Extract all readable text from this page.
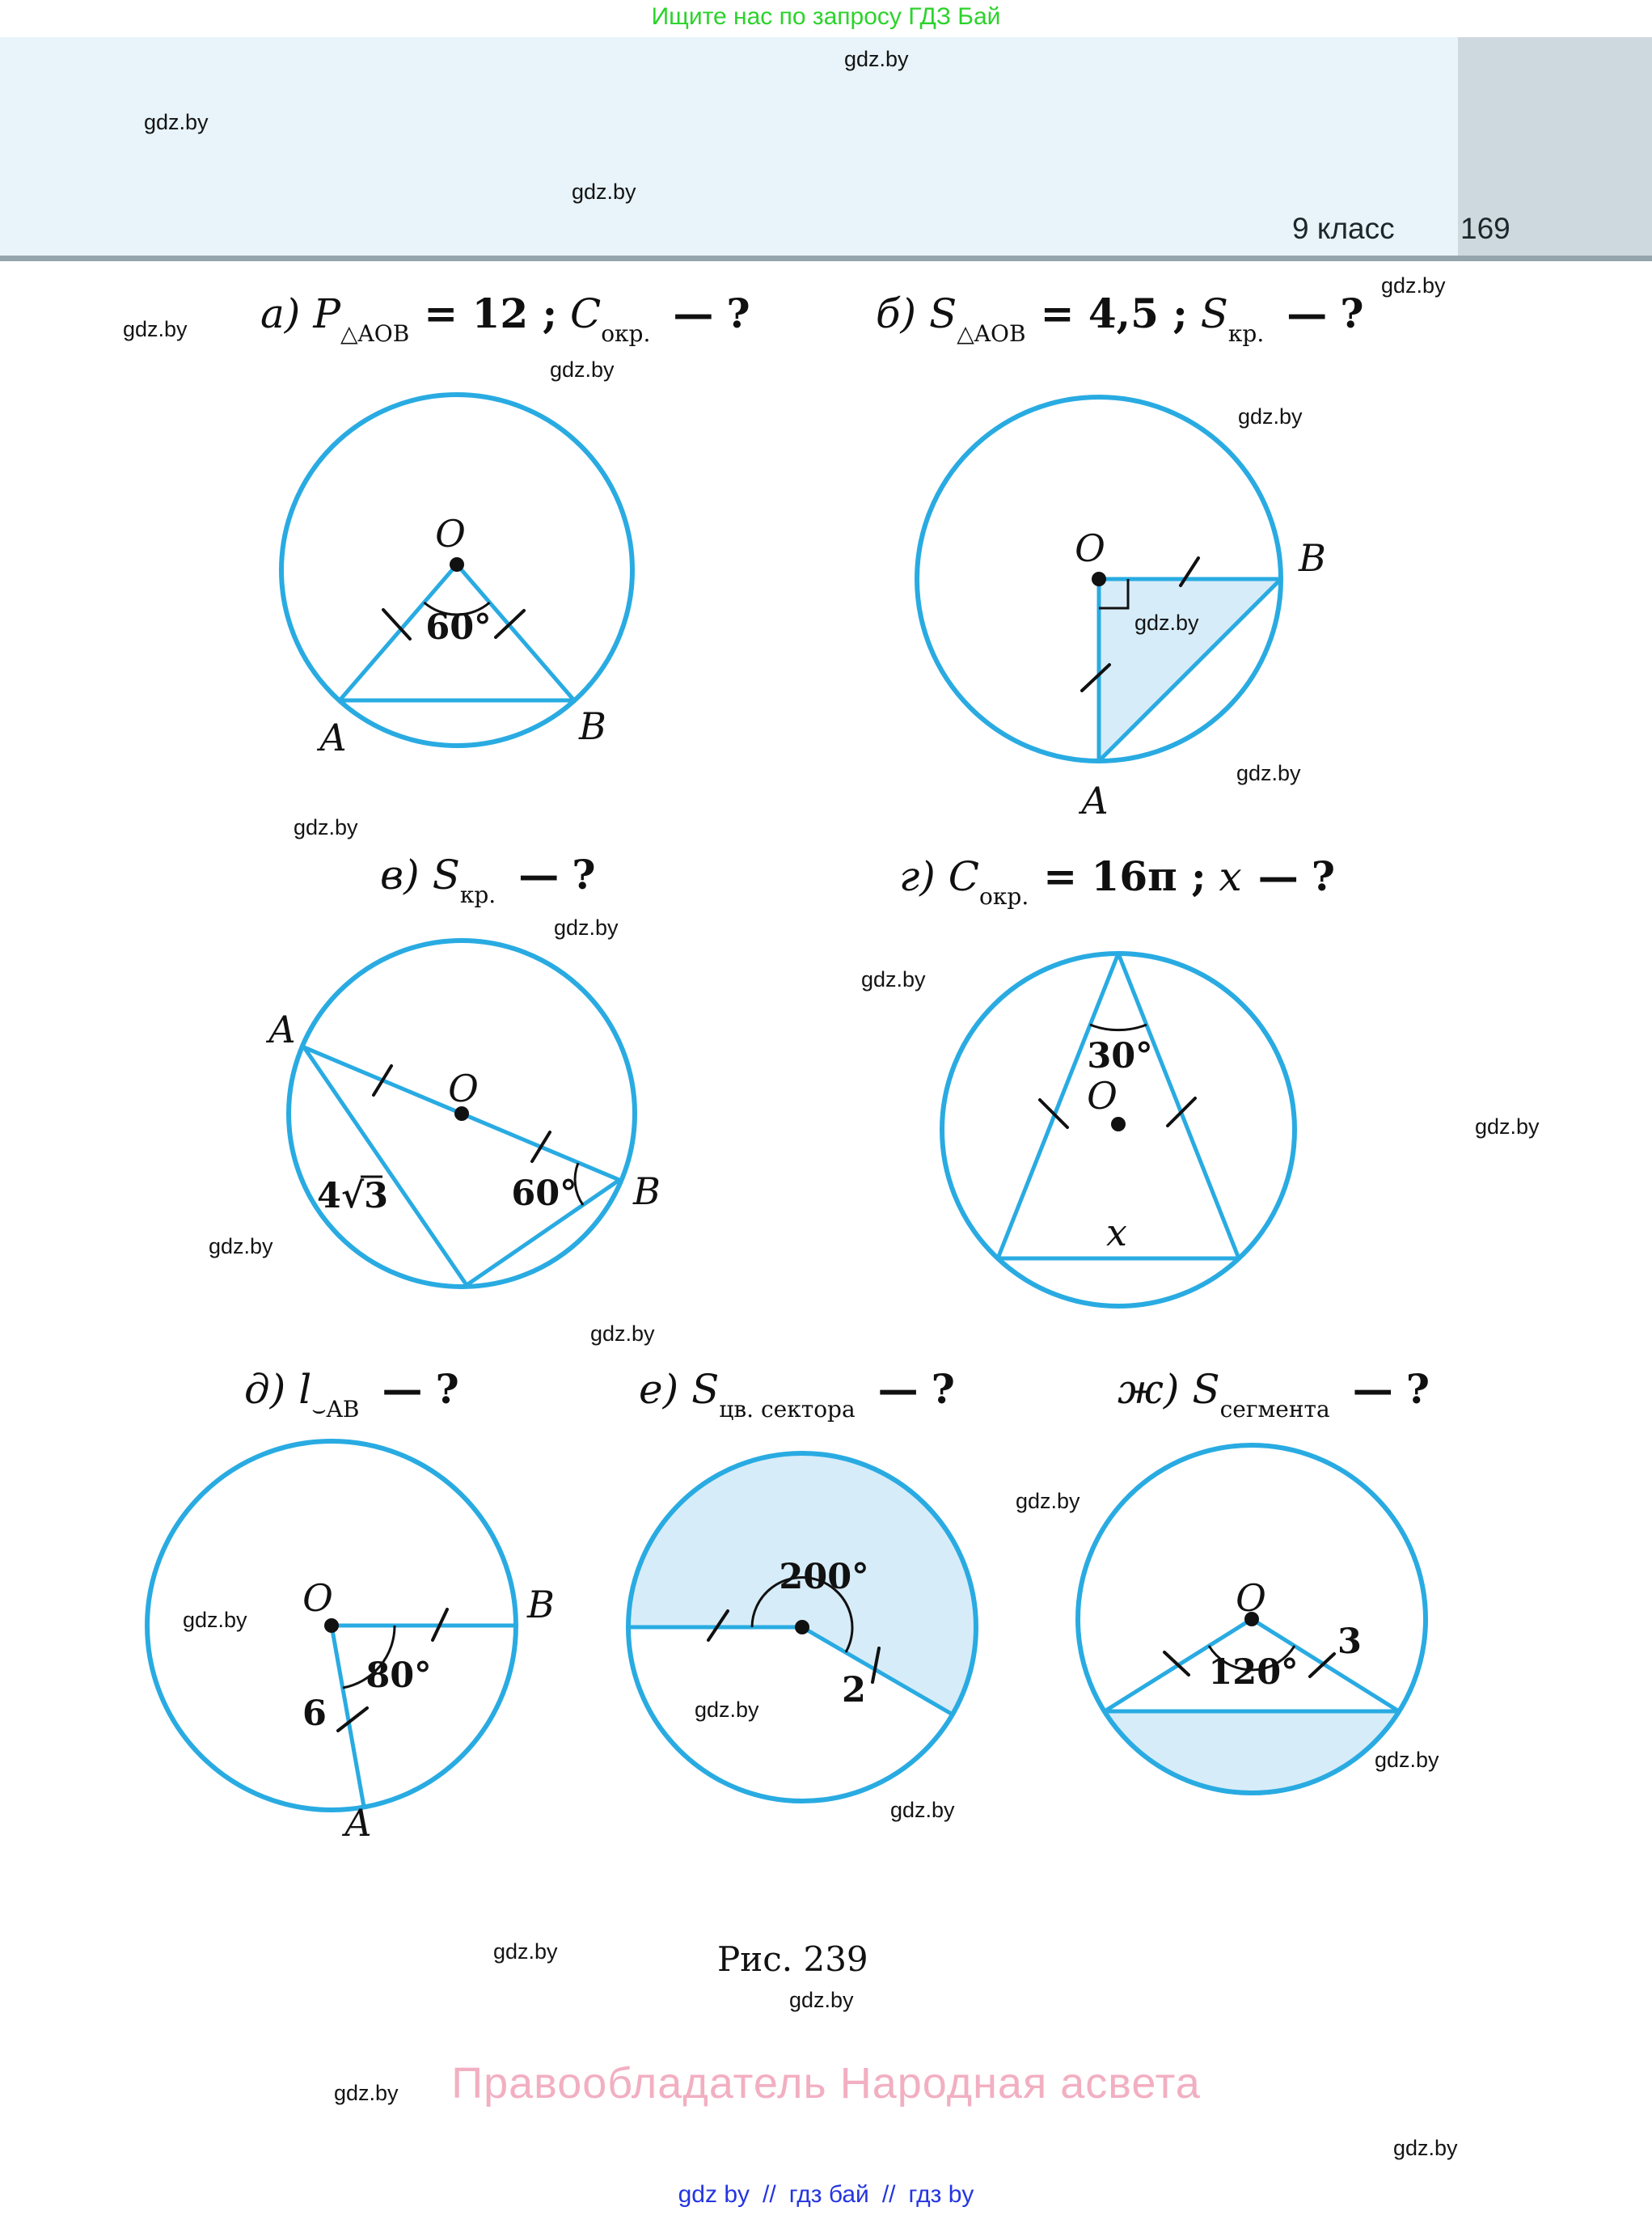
Ищите нас по запросу ГДЗ Бай
9 класс 169
а) $P_{\triangle AOB} = 12$ ; $C_{окр.}$ — ?	б) $S_{\triangle AOB} = 4,5$ ; $S_{кр.}$ — ?
в) $S_{кр.}$ — ?	г) $C_{окр.} = 16\pi$ ; x — ?
д) $l_{⌣AB}$ — ?	е) $S_{цв. сектора}$ — ?	ж) $S_{сегмента}$ — ?
O
60°
A	B
O	B
A
O
A
B
4√3	60°
30°
O
x
O	B
A
80°
6
200°
2
O
120°
3
gdz.by
gdz.by
gdz.by
gdz.by
gdz.by
gdz.by
gdz.by
gdz.by
gdz.by
gdz.by
gdz.by
gdz.by
gdz.by
gdz.by
gdz.by
gdz.by
gdz.by
gdz.by
gdz.by
gdz.by
gdz.by
gdz.by
gdz.by
gdz.by
Рис. 239
Правообладатель Народная асвета
gdz by // гдз бай // гдз by
